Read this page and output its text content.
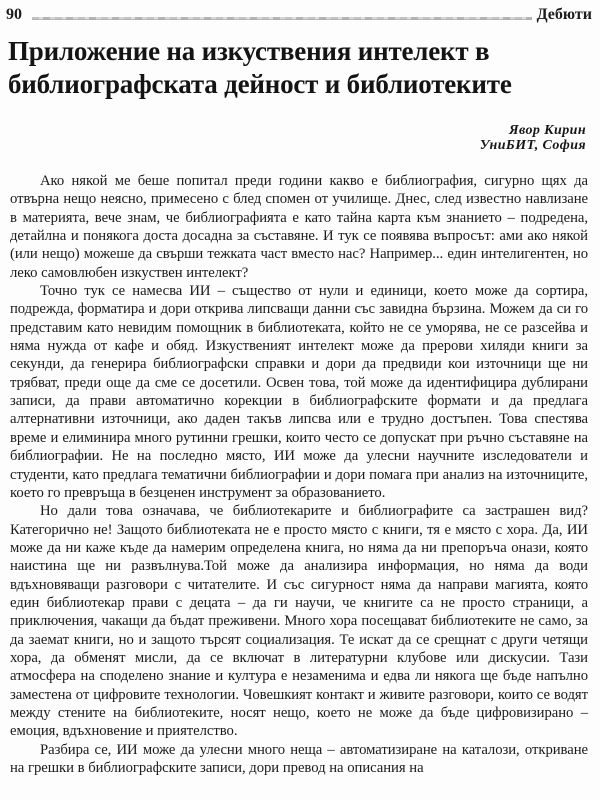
90	Дебюти
Приложение на изкуствения интелект в
библиографската дейност и библиотеките
Явор Кирин
УниБИТ, София

Ако някой ме беше попитал преди години какво е библиография, сигурно щях да отвърна нещо неясно, примесено с блед спомен от училище. Днес, след известно навлизане в материята, вече знам, че библиографията е като тайна карта към знанието – подредена, детайлна и понякога доста досадна за съставяне. И тук се появява въпросът: ами ако някой (или нещо) можеше да свърши тежката част вместо нас? Например... един интелигентен, но леко самовлюбен изкуствен интелект?

Точно тук се намесва ИИ – същество от нули и единици, което може да сортира, подрежда, форматира и дори открива липсващи данни със завидна бързина. Можем да си го представим като невидим помощник в библиотеката, който не се уморява, не се разсейва и няма нужда от кафе и обяд. Изкуственият интелект може да прерови хиляди книги за секунди, да генерира библиографски справки и дори да предвиди кои източници ще ни трябват, преди още да сме се досетили. Освен това, той може да идентифицира дублирани записи, да прави автоматично корекции в библиографските формати и да предлага алтернативни източници, ако даден такъв липсва или е трудно достъпен. Това спестява време и елиминира много рутинни грешки, които често се допускат при ръчно съставяне на библиографии. Не на последно място, ИИ може да улесни научните изследователи и студенти, като предлага тематични библиографии и дори помага при анализ на източниците, което го превръща в безценен инструмент за образованието.

Но дали това означава, че библиотекарите и библиографите са застрашен вид? Категорично не! Защото библиотеката не е просто място с книги, тя е място с хора. Да, ИИ може да ни каже къде да намерим определена книга, но няма да ни препоръча онази, която наистина ще ни развълнува.Той може да анализира информация, но няма да води вдъхновяващи разговори с читателите. И със сигурност няма да направи магията, която един библиотекар прави с децата – да ги научи, че книгите са не просто страници, а приключения, чакащи да бъдат преживени. Много хора посещават библиотеките не само, за да заемат книги, но и защото търсят социализация. Те искат да се срещнат с други четящи хора, да обменят мисли, да се включат в литературни клубове или дискусии. Тази атмосфера на споделено знание и култура е незаменима и едва ли някога ще бъде напълно заместена от цифровите технологии. Човешкият контакт и живите разговори, които се водят между стените на библиотеките, носят нещо, което не може да бъде цифровизирано – емоция, вдъхновение и приятелство.

Разбира се, ИИ може да улесни много неща – автоматизиране на каталози, откриване на грешки в библиографските записи, дори превод на описания на
